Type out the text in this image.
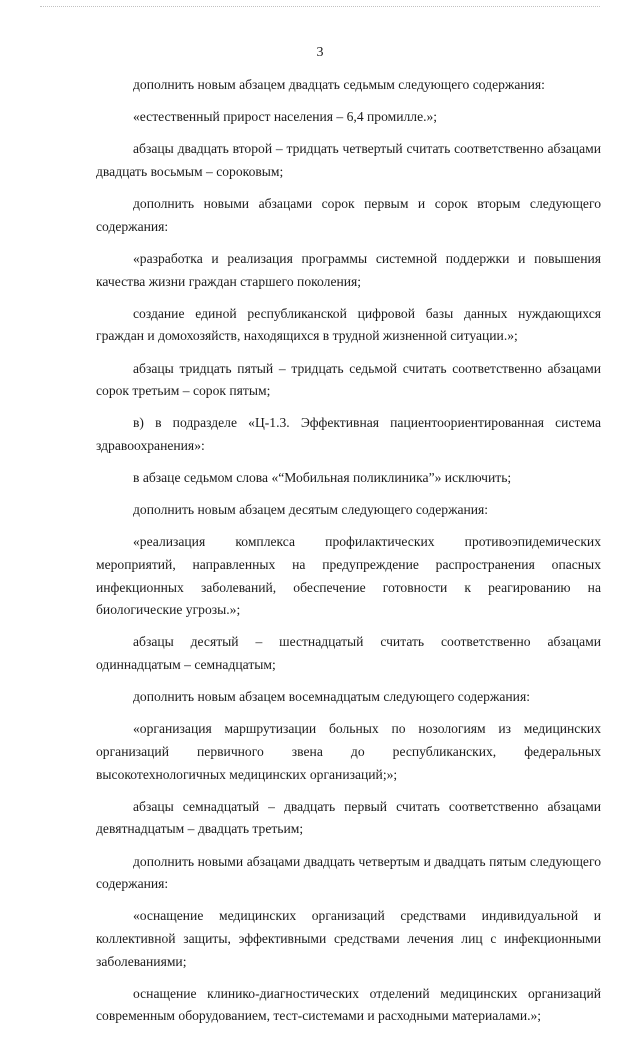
3

дополнить новым абзацем двадцать седьмым следующего содержания:

«естественный прирост населения – 6,4 промилле.»;

абзацы двадцать второй – тридцать четвертый считать соответственно абзацами двадцать восьмым – сороковым;

дополнить новыми абзацами сорок первым и сорок вторым следующего содержания:

«разработка и реализация программы системной поддержки и повышения качества жизни граждан старшего поколения;

создание единой республиканской цифровой базы данных нуждающихся граждан и домохозяйств, находящихся в трудной жизненной ситуации.»;

абзацы тридцать пятый – тридцать седьмой считать соответственно абзацами сорок третьим – сорок пятым;

в) в подразделе «Ц-1.3. Эффективная пациентоориентированная система здравоохранения»:

в абзаце седьмом слова «“Мобильная поликлиника”» исключить;

дополнить новым абзацем десятым следующего содержания:

«реализация комплекса профилактических противоэпидемических мероприятий, направленных на предупреждение распространения опасных инфекционных заболеваний, обеспечение готовности к реагированию на биологические угрозы.»;

абзацы десятый – шестнадцатый считать соответственно абзацами одиннадцатым – семнадцатым;

дополнить новым абзацем восемнадцатым следующего содержания:

«организация маршрутизации больных по нозологиям из медицинских организаций первичного звена до республиканских, федеральных высокотехнологичных медицинских организаций;»;

абзацы семнадцатый – двадцать первый считать соответственно абзацами девятнадцатым – двадцать третьим;

дополнить новыми абзацами двадцать четвертым и двадцать пятым следующего содержания:

«оснащение медицинских организаций средствами индивидуальной и коллективной защиты, эффективными средствами лечения лиц с инфекционными заболеваниями;

оснащение клинико-диагностических отделений медицинских организаций современным оборудованием, тест-системами и расходными материалами.»;
